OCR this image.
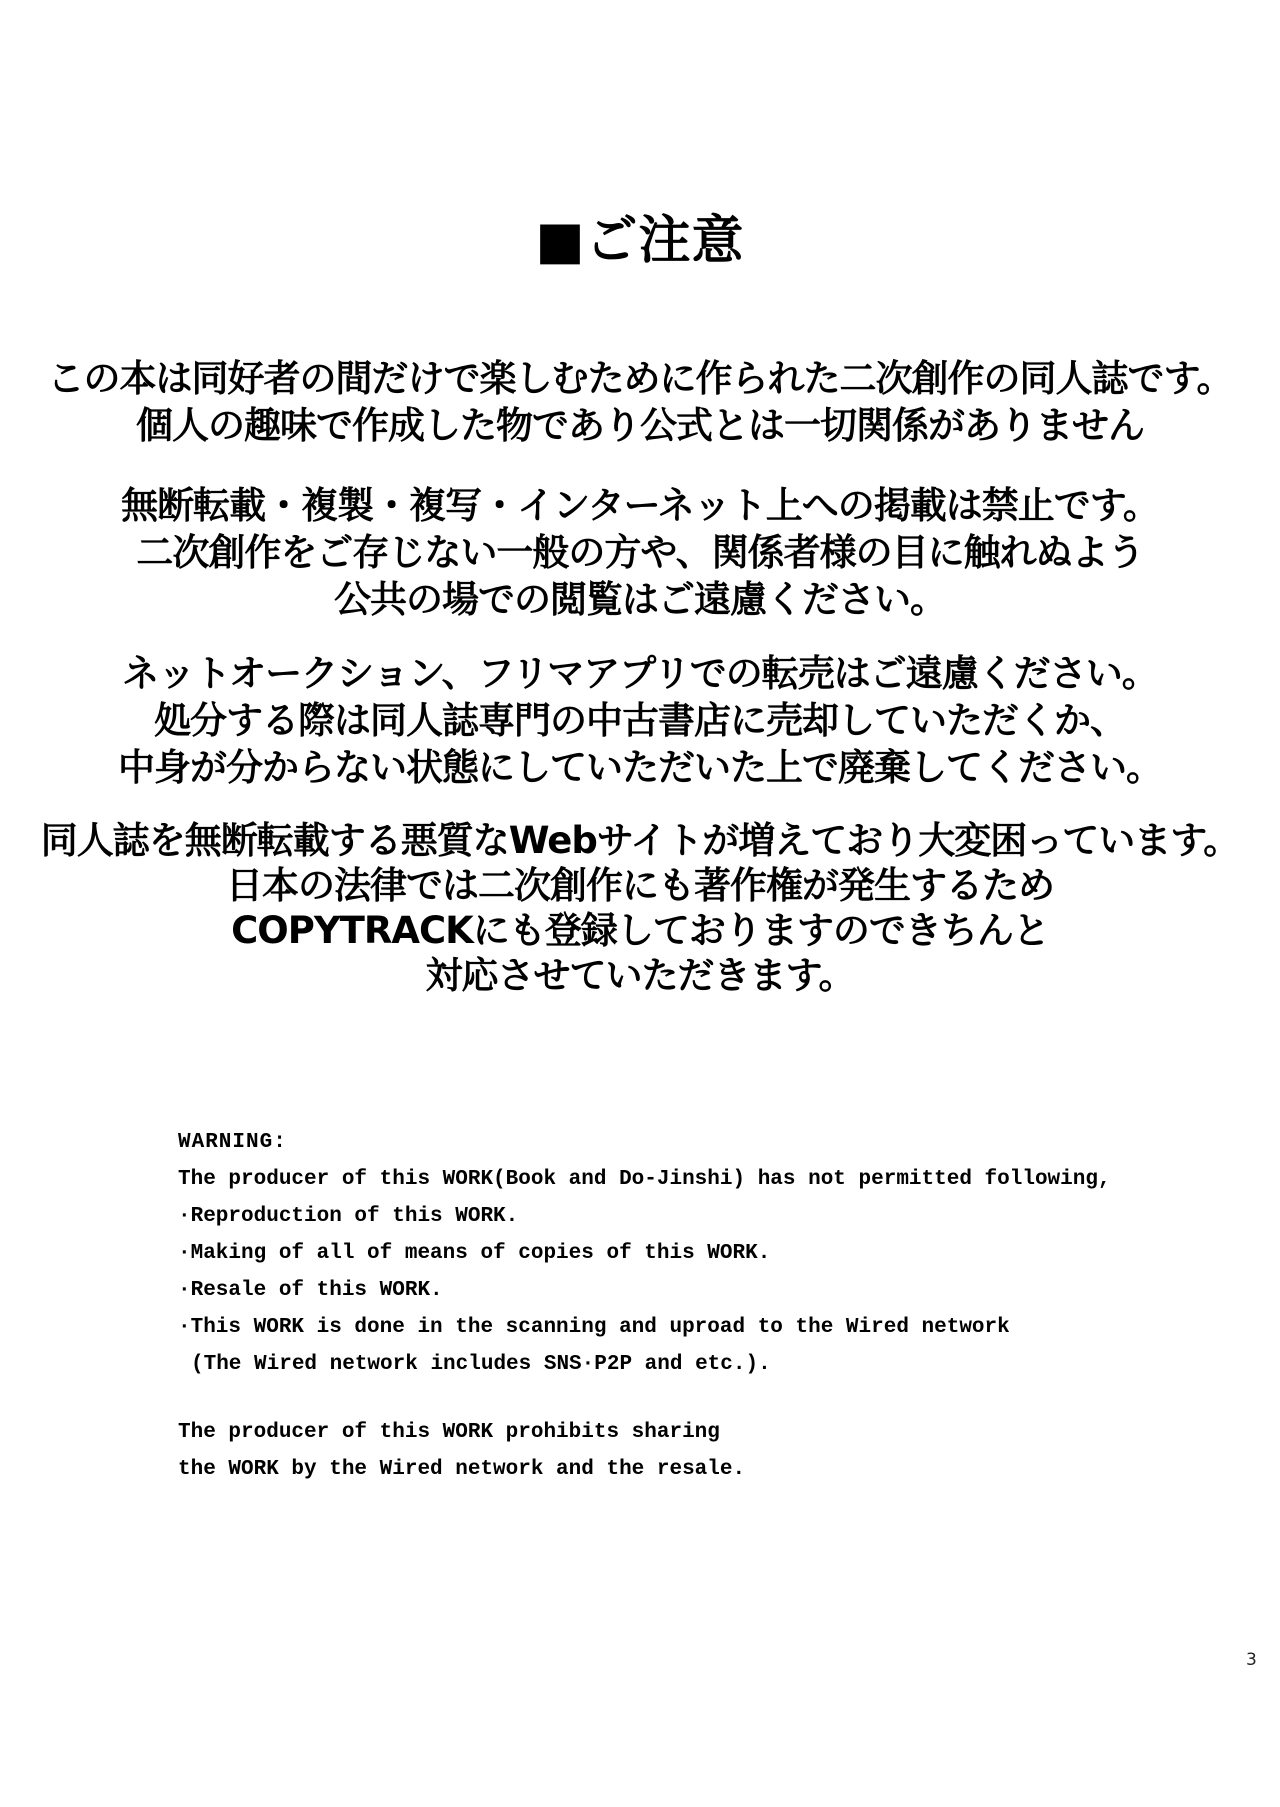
■ご注意
この本は同好者の間だけで楽しむために作られた二次創作の同人誌です。
個人の趣味で作成した物であり公式とは一切関係がありません
無断転載・複製・複写・インターネット上への掲載は禁止です。
二次創作をご存じない一般の方や、関係者様の目に触れぬよう
公共の場での閲覧はご遠慮ください。
ネットオークション、フリマアプリでの転売はご遠慮ください。
処分する際は同人誌専門の中古書店に売却していただくか、
中身が分からない状態にしていただいた上で廃棄してください。
同人誌を無断転載する悪質なWebサイトが増えており大変困っています。
日本の法律では二次創作にも著作権が発生するため
COPYTRACKにも登録しておりますのできちんと
対応させていただきます。
WARNING:
The producer of this WORK(Book and Do-Jinshi) has not permitted following,
·Reproduction of this WORK.
·Making of all of means of copies of this WORK.
·Resale of this WORK.
·This WORK is done in the scanning and uproad to the Wired network
(The Wired network includes SNS·P2P and etc.).
The producer of this WORK prohibits sharing
the WORK by the Wired network and the resale.
3
